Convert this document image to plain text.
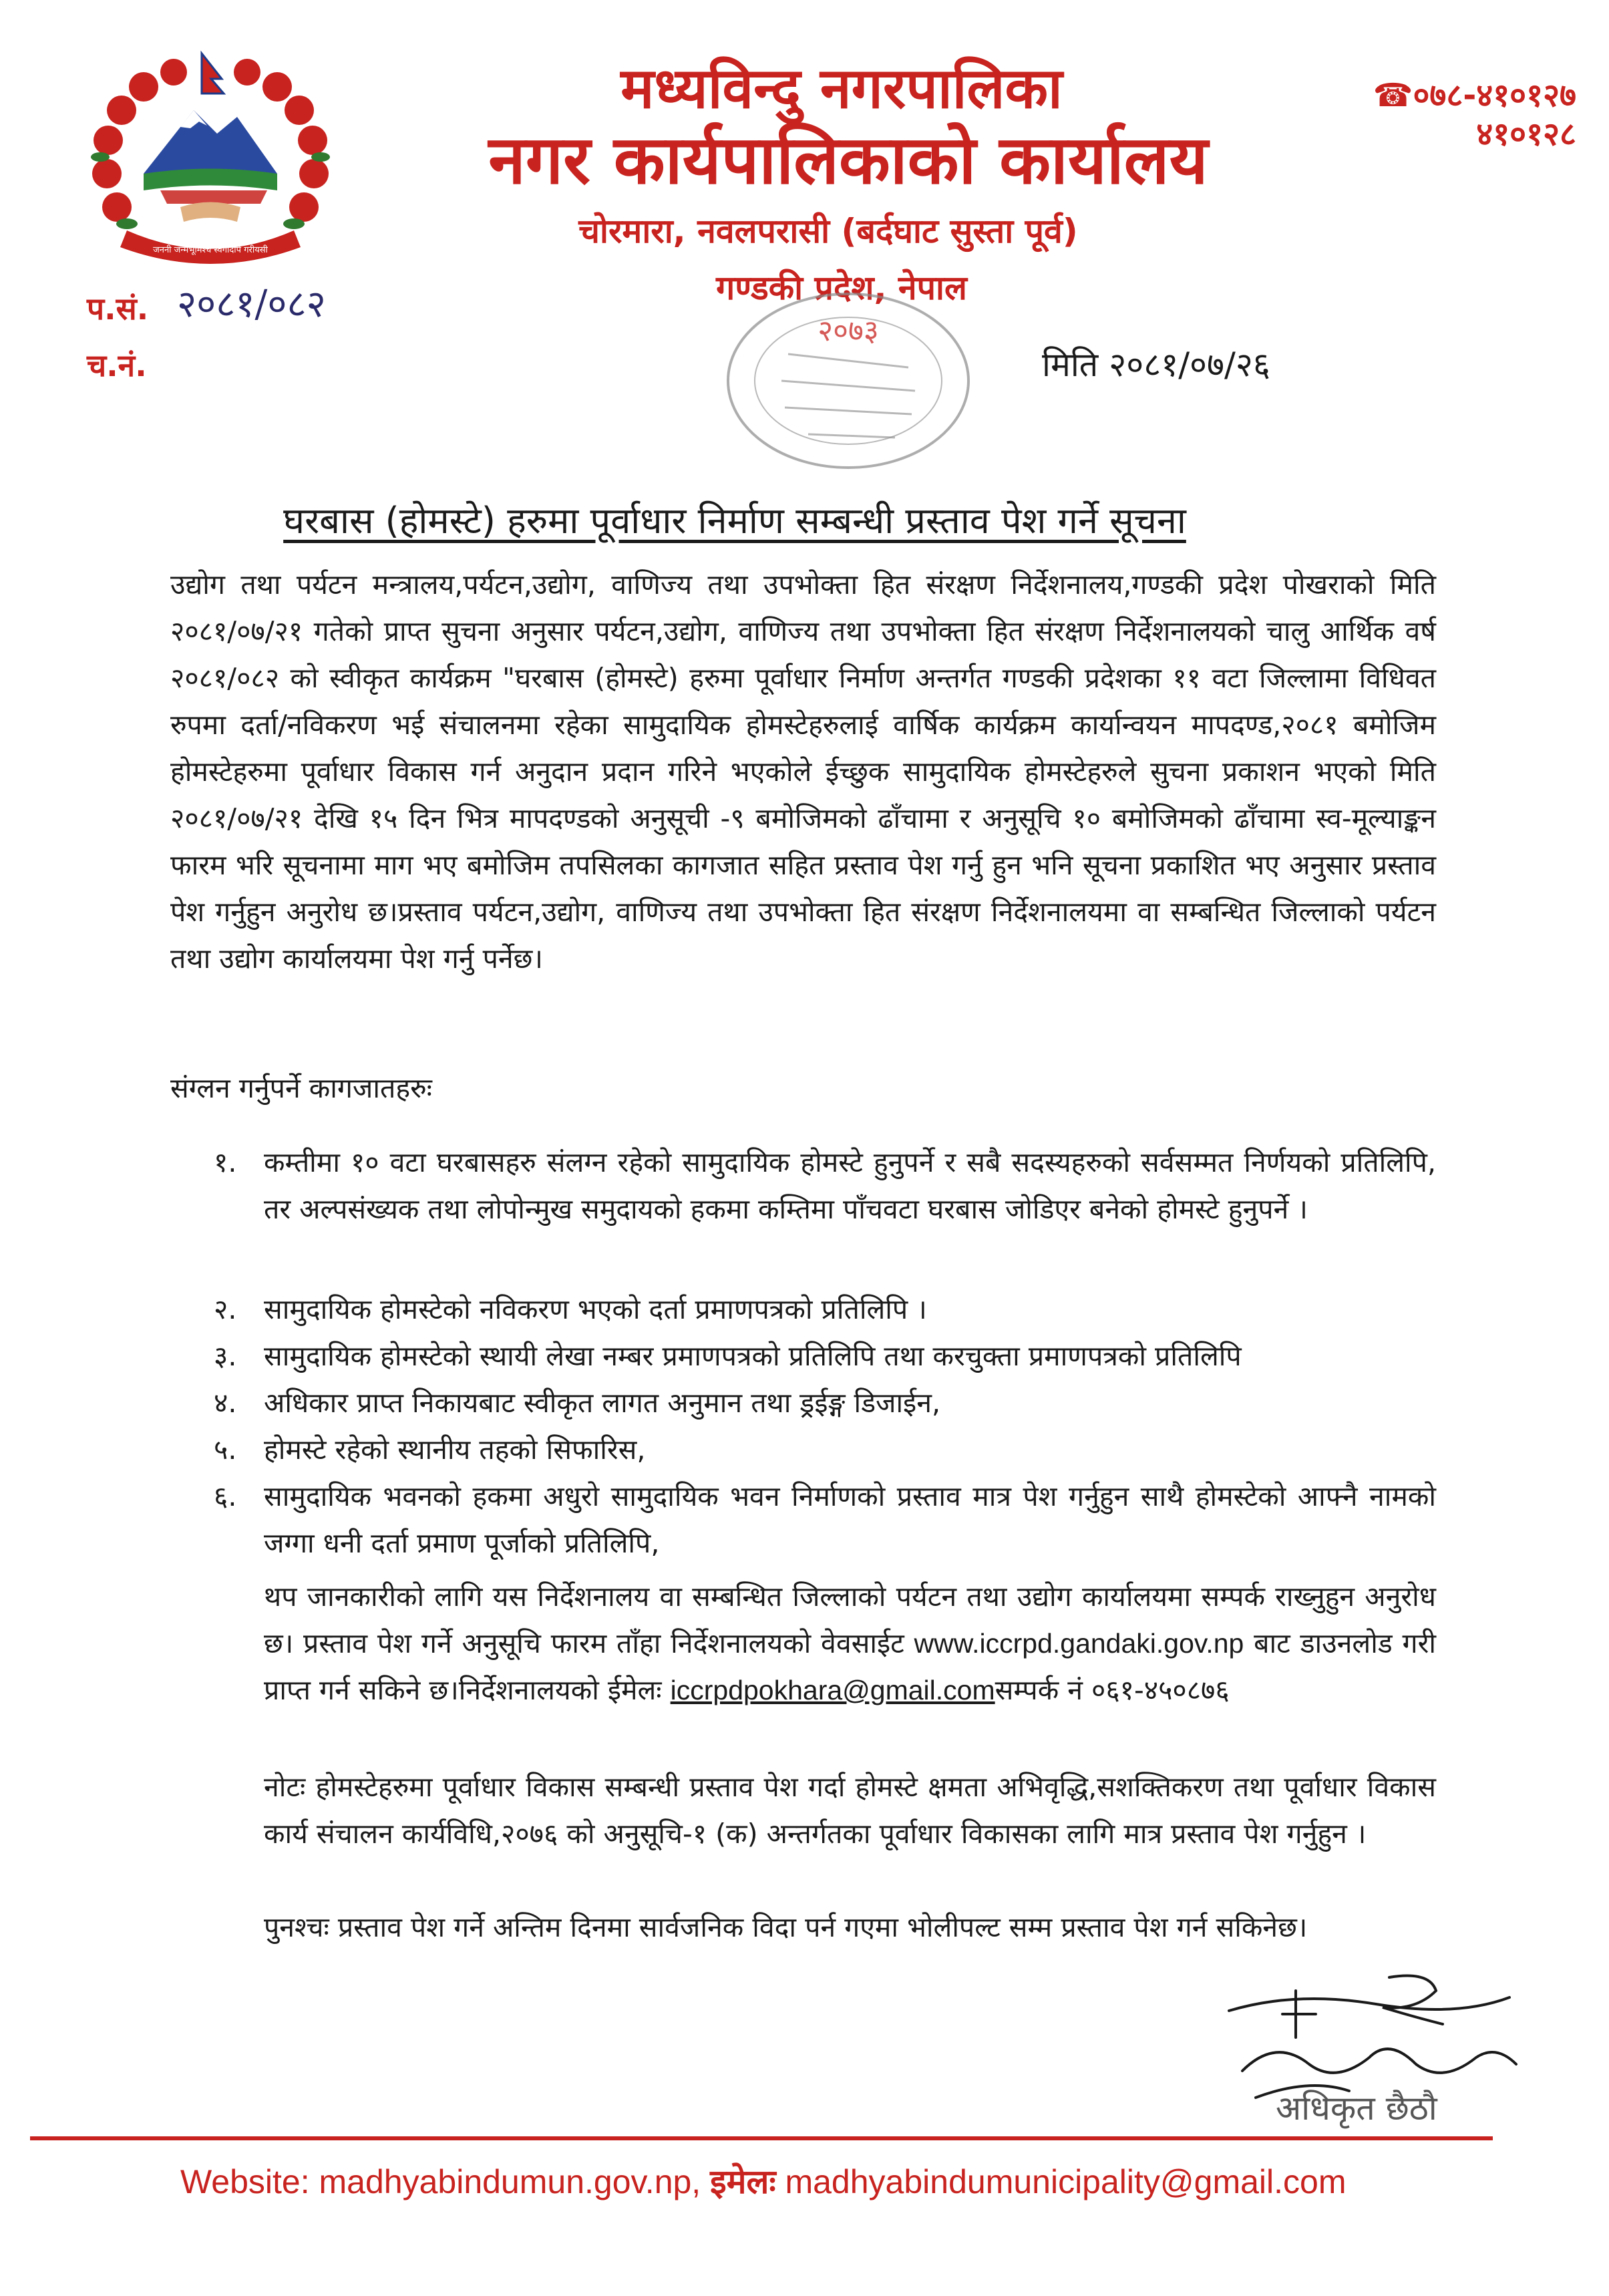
जननी जन्मभूमिश्च स्वर्गादपि गरीयसी
मध्यविन्दु नगरपालिका
नगर कार्यपालिकाको कार्यालय
चोरमारा, नवलपरासी (बर्दघाट सुस्ता पूर्व)
गण्डकी प्रदेश, नेपाल
☎०७८-४१०१२७
४१०१२८
प.सं. २०८१/०८२
च.नं.	मिति २०८१/०७/२६
२०७३
घरबास (होमस्टे) हरुमा पूर्वाधार निर्माण सम्बन्धी प्रस्ताव पेश गर्ने सूचना
उद्योग तथा पर्यटन मन्त्रालय,पर्यटन,उद्योग, वाणिज्य तथा उपभोक्ता हित संरक्षण निर्देशनालय,गण्डकी प्रदेश पोखराको मिति २०८१/०७/२१ गतेको प्राप्त सुचना अनुसार पर्यटन,उद्योग, वाणिज्य तथा उपभोक्ता हित संरक्षण निर्देशनालयको चालु आर्थिक वर्ष २०८१/०८२ को स्वीकृत कार्यक्रम "घरबास (होमस्टे) हरुमा पूर्वाधार निर्माण अन्तर्गत गण्डकी प्रदेशका ११ वटा जिल्लामा विधिवत रुपमा दर्ता/नविकरण भई संचालनमा रहेका सामुदायिक होमस्टेहरुलाई वार्षिक कार्यक्रम कार्यान्वयन मापदण्ड,२०८१ बमोजिम होमस्टेहरुमा पूर्वाधार विकास गर्न अनुदान प्रदान गरिने भएकोले ईच्छुक सामुदायिक होमस्टेहरुले सुचना प्रकाशन भएको मिति २०८१/०७/२१ देखि १५ दिन भित्र मापदण्डको अनुसूची -९ बमोजिमको ढाँचामा र अनुसूचि १० बमोजिमको ढाँचामा स्व-मूल्याङ्कन फारम भरि सूचनामा माग भए बमोजिम तपसिलका कागजात सहित प्रस्ताव पेश गर्नु हुन भनि सूचना प्रकाशित भए अनुसार प्रस्ताव पेश गर्नुहुन अनुरोध छ।प्रस्ताव पर्यटन,उद्योग, वाणिज्य तथा उपभोक्ता हित संरक्षण निर्देशनालयमा वा सम्बन्धित जिल्लाको पर्यटन तथा उद्योग कार्यालयमा पेश गर्नु पर्नेछ।
संग्लन गर्नुपर्ने कागजातहरुः
१. कम्तीमा १० वटा घरबासहरु संलग्न रहेको सामुदायिक होमस्टे हुनुपर्ने र सबै सदस्यहरुको सर्वसम्मत निर्णयको प्रतिलिपि, तर अल्पसंख्यक तथा लोपोन्मुख समुदायको हकमा कम्तिमा पाँचवटा घरबास जोडिएर बनेको होमस्टे हुनुपर्ने ।
२. सामुदायिक होमस्टेको नविकरण भएको दर्ता प्रमाणपत्रको प्रतिलिपि ।
३. सामुदायिक होमस्टेको स्थायी लेखा नम्बर प्रमाणपत्रको प्रतिलिपि तथा करचुक्ता प्रमाणपत्रको प्रतिलिपि
४. अधिकार प्राप्त निकायबाट स्वीकृत लागत अनुमान तथा ड्रईङ्ग डिजाईन,
५. होमस्टे रहेको स्थानीय तहको सिफारिस,
६. सामुदायिक भवनको हकमा अधुरो सामुदायिक भवन निर्माणको प्रस्ताव मात्र पेश गर्नुहुन साथै होमस्टेको आफ्नै नामको जग्गा धनी दर्ता प्रमाण पूर्जाको प्रतिलिपि,
थप जानकारीको लागि यस निर्देशनालय वा सम्बन्धित जिल्लाको पर्यटन तथा उद्योग कार्यालयमा सम्पर्क राख्नुहुन अनुरोध छ। प्रस्ताव पेश गर्ने अनुसूचि फारम ताँहा निर्देशनालयको वेवसाईट www.iccrpd.gandaki.gov.np बाट डाउनलोड गरी प्राप्त गर्न सकिने छ।निर्देशनालयको ईमेलः iccrpdpokhara@gmail.comसम्पर्क नं ०६१-४५०८७६
नोटः होमस्टेहरुमा पूर्वाधार विकास सम्बन्धी प्रस्ताव पेश गर्दा होमस्टे क्षमता अभिवृद्धि,सशक्तिकरण तथा पूर्वाधार विकास कार्य संचालन कार्यविधि,२०७६ को अनुसूचि-१ (क) अन्तर्गतका पूर्वाधार विकासका लागि मात्र प्रस्ताव पेश गर्नुहुन ।
पुनश्चः प्रस्ताव पेश गर्ने अन्तिम दिनमा सार्वजनिक विदा पर्न गएमा भोलीपल्ट सम्म प्रस्ताव पेश गर्न सकिनेछ।
अधिकृत छैठौ
Website: madhyabindumun.gov.np, इमेलः madhyabindumunicipality@gmail.com
